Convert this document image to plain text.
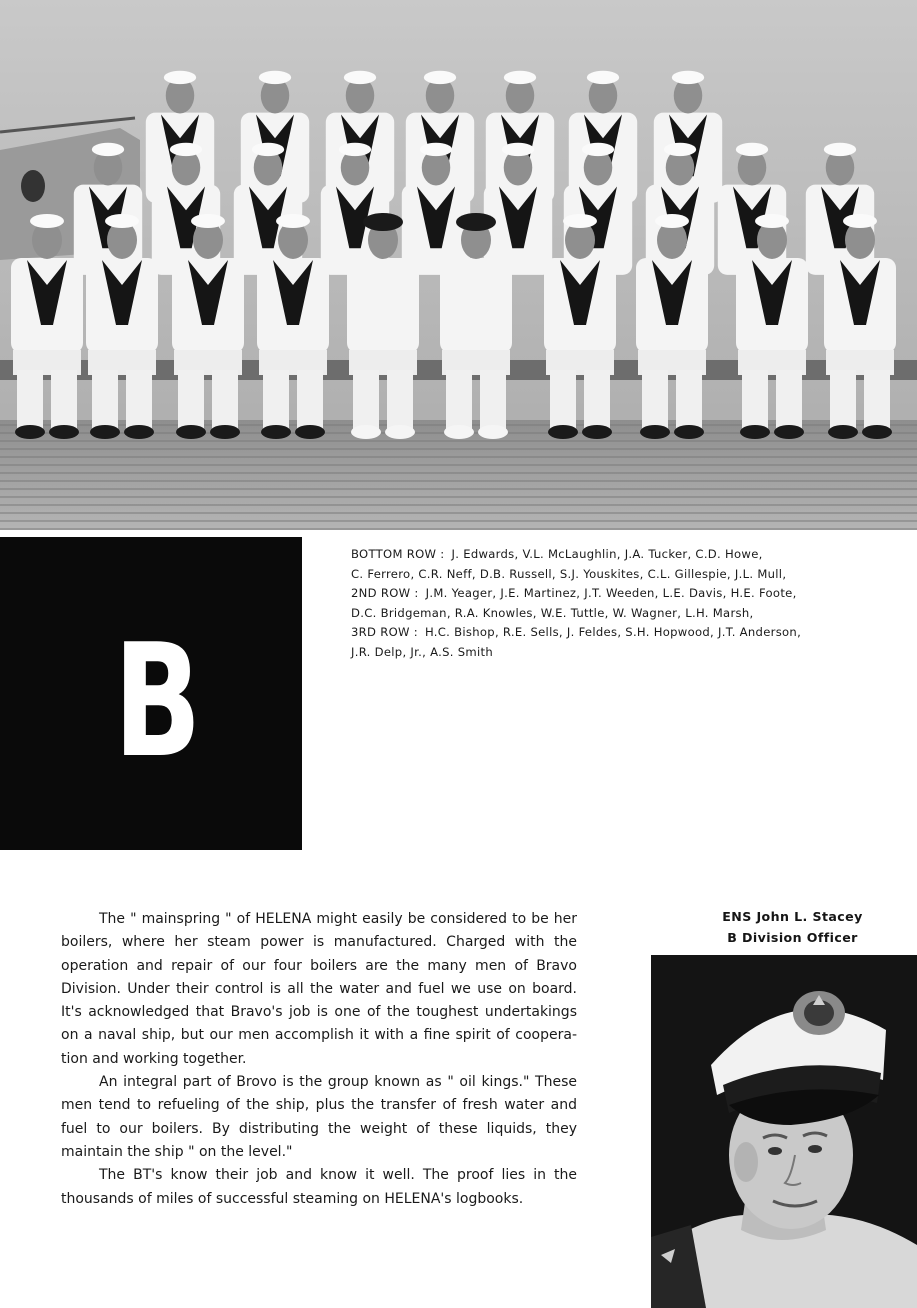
B
BOTTOM ROW : J. Edwards, V.L. McLaughlin, J.A. Tucker, C.D. Howe,
C. Ferrero, C.R. Neff, D.B. Russell, S.J. Youskites, C.L. Gillespie, J.L. Mull,
2ND ROW : J.M. Yeager, J.E. Martinez, J.T. Weeden, L.E. Davis, H.E. Foote,
D.C. Bridgeman, R.A. Knowles, W.E. Tuttle, W. Wagner, L.H. Marsh,
3RD ROW : H.C. Bishop, R.E. Sells, J. Feldes, S.H. Hopwood, J.T. Anderson,
J.R. Delp, Jr., A.S. Smith

The " mainspring " of HELENA might easily be considered to be her boilers, where her steam power is manufactured. Charged with the operation and repair of our four boilers are the many men of Bravo Division. Under their control is all the water and fuel we use on board. It's acknowledged that Bravo's job is one of the toughest undertakings on a naval ship, but our men accomplish it with a fine spirit of cooperation and working together.

An integral part of Brovo is the group known as " oil kings." These men tend to refueling of the ship, plus the transfer of fresh water and fuel to our boilers. By distributing the weight of these liquids, they maintain the ship " on the level."

The BT's know their job and know it well. The proof lies in the thousands of miles of successful steaming on HELENA's logbooks.

ENS John L. Stacey
B Division Officer
